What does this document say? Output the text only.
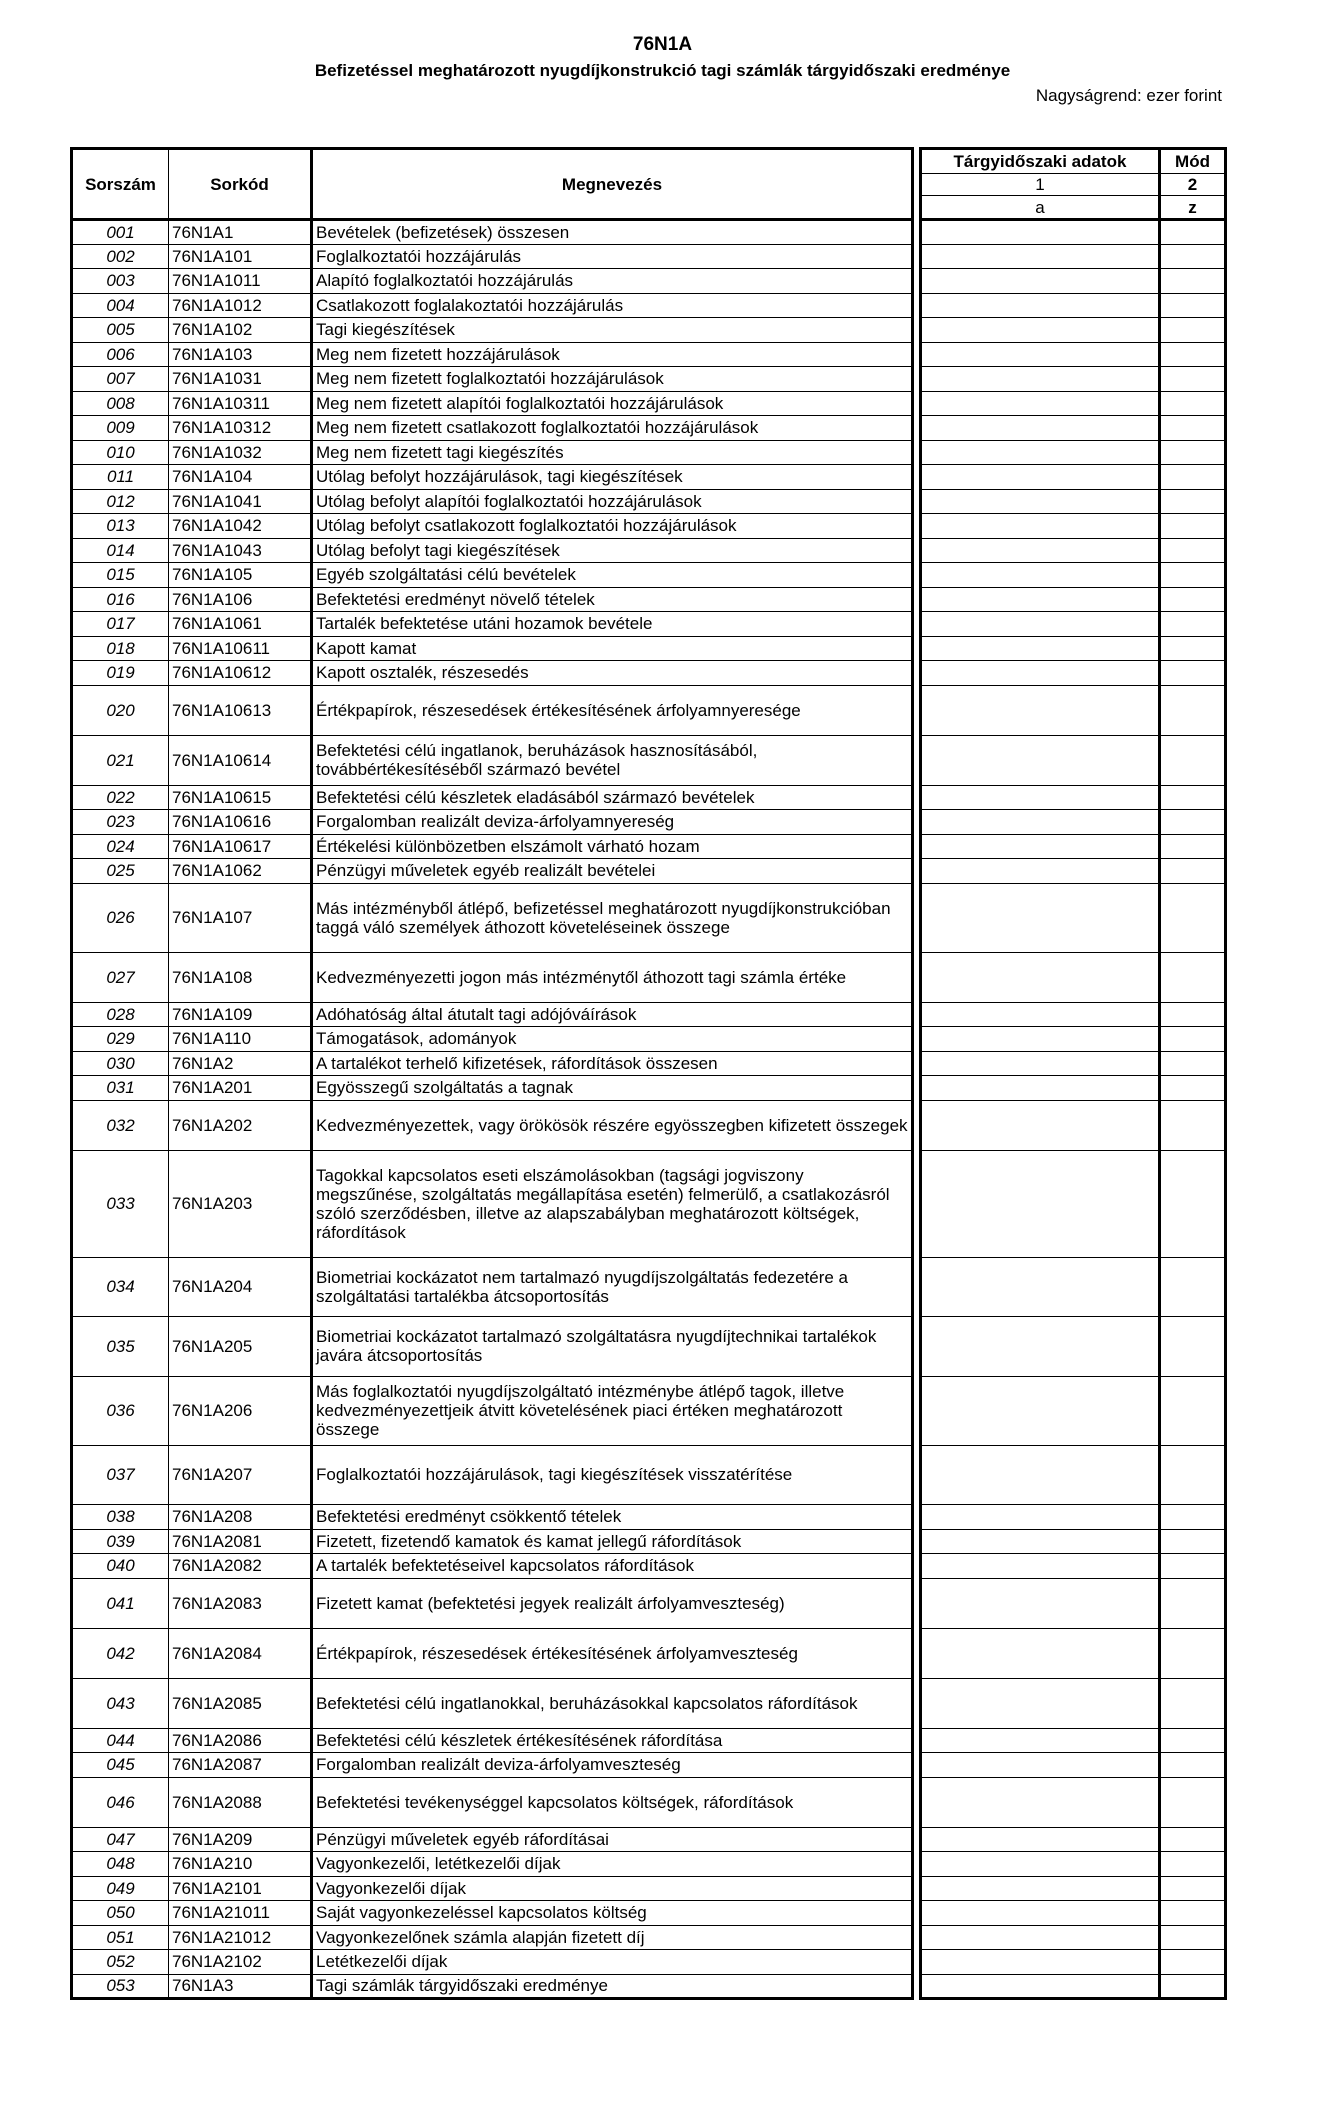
76N1A
Befizetéssel meghatározott nyugdíjkonstrukció tagi számlák tárgyidőszaki eredménye
Nagyságrend: ezer forint
Sorszám	Sorkód	Megnevezés		Tárgyidőszaki adatok	Mód
				1	2
				a	z
001	76N1A1	Bevételek (befizetések) összesen			
002	76N1A101	Foglalkoztatói hozzájárulás			
003	76N1A1011	Alapító foglalkoztatói hozzájárulás			
004	76N1A1012	Csatlakozott foglalakoztatói hozzájárulás			
005	76N1A102	Tagi kiegészítések			
006	76N1A103	Meg nem fizetett hozzájárulások			
007	76N1A1031	Meg nem fizetett foglalkoztatói hozzájárulások			
008	76N1A10311	Meg nem fizetett alapítói foglalkoztatói hozzájárulások			
009	76N1A10312	Meg nem fizetett csatlakozott foglalkoztatói hozzájárulások			
010	76N1A1032	Meg nem fizetett tagi kiegészítés			
011	76N1A104	Utólag befolyt hozzájárulások, tagi kiegészítések			
012	76N1A1041	Utólag befolyt alapítói foglalkoztatói hozzájárulások			
013	76N1A1042	Utólag befolyt csatlakozott foglalkoztatói hozzájárulások			
014	76N1A1043	Utólag befolyt tagi kiegészítések			
015	76N1A105	Egyéb szolgáltatási célú bevételek			
016	76N1A106	Befektetési eredményt növelő tételek			
017	76N1A1061	Tartalék befektetése utáni hozamok bevétele			
018	76N1A10611	Kapott kamat			
019	76N1A10612	Kapott osztalék, részesedés			
020	76N1A10613	Értékpapírok, részesedések értékesítésének árfolyamnyeresége			
021	76N1A10614	Befektetési célú ingatlanok, beruházások hasznosításából, továbbértékesítéséből származó bevétel			
022	76N1A10615	Befektetési célú készletek eladásából származó bevételek			
023	76N1A10616	Forgalomban realizált deviza-árfolyamnyereség			
024	76N1A10617	Értékelési különbözetben elszámolt várható hozam			
025	76N1A1062	Pénzügyi műveletek egyéb realizált bevételei			
026	76N1A107	Más intézményből átlépő, befizetéssel meghatározott nyugdíjkonstrukcióban taggá váló személyek áthozott követeléseinek összege			
027	76N1A108	Kedvezményezetti jogon más intézménytől áthozott tagi számla értéke			
028	76N1A109	Adóhatóság által átutalt tagi adójóváírások			
029	76N1A110	Támogatások, adományok			
030	76N1A2	A tartalékot terhelő kifizetések, ráfordítások összesen			
031	76N1A201	Egyösszegű szolgáltatás a tagnak			
032	76N1A202	Kedvezményezettek, vagy örökösök részére egyösszegben kifizetett összegek			
033	76N1A203	Tagokkal kapcsolatos eseti elszámolásokban (tagsági jogviszony megszűnése, szolgáltatás megállapítása esetén) felmerülő, a csatlakozásról szóló szerződésben, illetve az alapszabályban meghatározott költségek, ráfordítások			
034	76N1A204	Biometriai kockázatot nem tartalmazó nyugdíjszolgáltatás fedezetére a szolgáltatási tartalékba átcsoportosítás			
035	76N1A205	Biometriai kockázatot tartalmazó szolgáltatásra nyugdíjtechnikai tartalékok javára átcsoportosítás			
036	76N1A206	Más foglalkoztatói nyugdíjszolgáltató intézménybe átlépő tagok, illetve kedvezményezettjeik átvitt követelésének piaci értéken meghatározott összege			
037	76N1A207	Foglalkoztatói hozzájárulások, tagi kiegészítések visszatérítése			
038	76N1A208	Befektetési eredményt csökkentő tételek			
039	76N1A2081	Fizetett, fizetendő kamatok és kamat jellegű ráfordítások			
040	76N1A2082	A tartalék befektetéseivel kapcsolatos ráfordítások			
041	76N1A2083	Fizetett kamat (befektetési jegyek realizált árfolyamveszteség)			
042	76N1A2084	Értékpapírok, részesedések értékesítésének árfolyamveszteség			
043	76N1A2085	Befektetési célú ingatlanokkal, beruházásokkal kapcsolatos ráfordítások			
044	76N1A2086	Befektetési célú készletek értékesítésének ráfordítása			
045	76N1A2087	Forgalomban realizált deviza-árfolyamveszteség			
046	76N1A2088	Befektetési tevékenységgel kapcsolatos költségek, ráfordítások			
047	76N1A209	Pénzügyi műveletek egyéb ráfordításai			
048	76N1A210	Vagyonkezelői, letétkezelői díjak			
049	76N1A2101	Vagyonkezelői díjak			
050	76N1A21011	Saját vagyonkezeléssel kapcsolatos költség			
051	76N1A21012	Vagyonkezelőnek számla alapján fizetett díj			
052	76N1A2102	Letétkezelői díjak			
053	76N1A3	Tagi számlák tárgyidőszaki eredménye			
